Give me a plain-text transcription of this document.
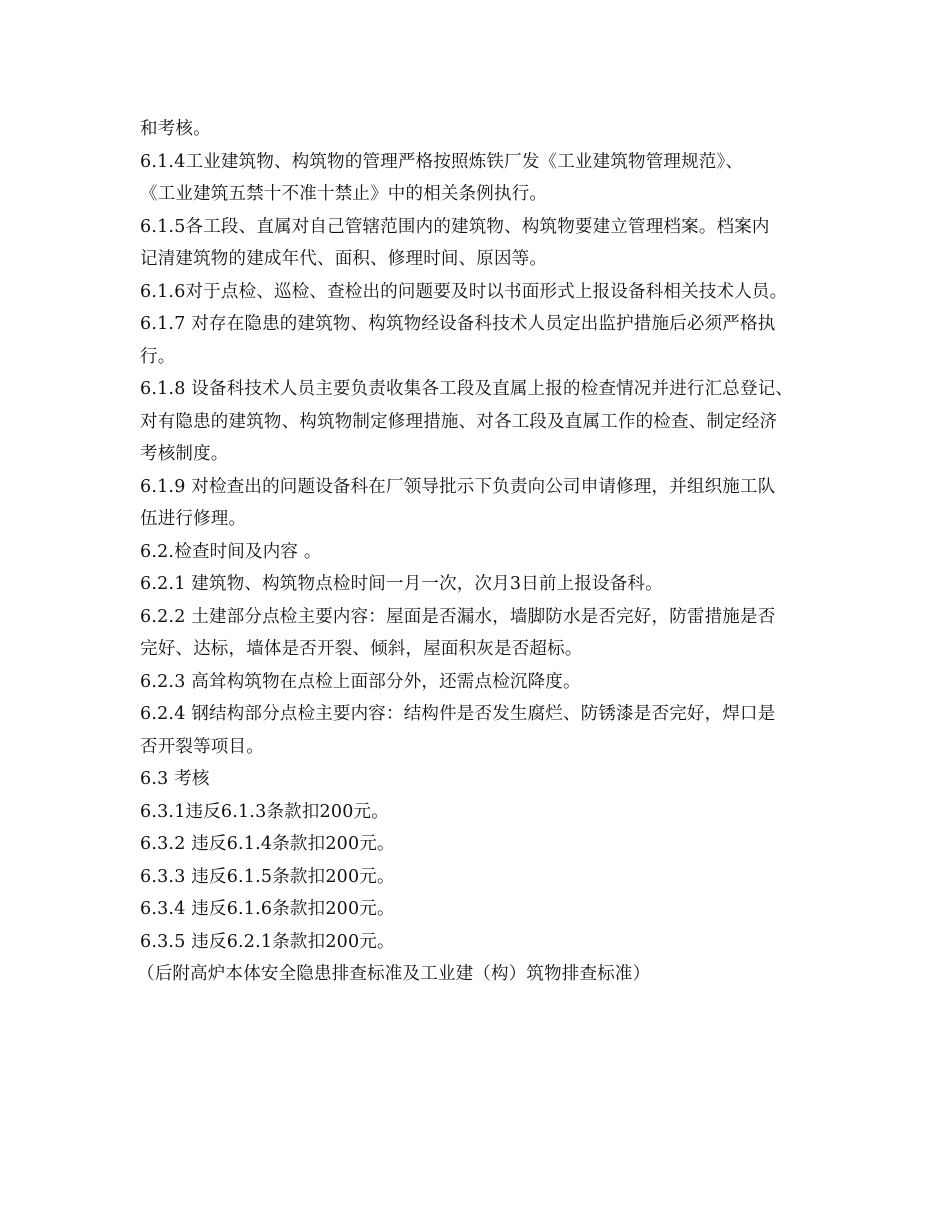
和考核。
6.1.4工业建筑物、构筑物的管理严格按照炼铁厂发《工业建筑物管理规范》、
《工业建筑五禁十不准十禁止》中的相关条例执行。
6.1.5各工段、直属对自己管辖范围内的建筑物、构筑物要建立管理档案。档案内
记清建筑物的建成年代、面积、修理时间、原因等。
6.1.6对于点检、巡检、查检出的问题要及时以书面形式上报设备科相关技术人员。
6.1.7 对存在隐患的建筑物、构筑物经设备科技术人员定出监护措施后必须严格执
行。
6.1.8 设备科技术人员主要负责收集各工段及直属上报的检查情况并进行汇总登记、
对有隐患的建筑物、构筑物制定修理措施、对各工段及直属工作的检查、制定经济
考核制度。
6.1.9 对检查出的问题设备科在厂领导批示下负责向公司申请修理，并组织施工队
伍进行修理。
6.2.检查时间及内容 。
6.2.1 建筑物、构筑物点检时间一月一次，次月3日前上报设备科。
6.2.2 土建部分点检主要内容：屋面是否漏水，墙脚防水是否完好，防雷措施是否
完好、达标，墙体是否开裂、倾斜，屋面积灰是否超标。
6.2.3 高耸构筑物在点检上面部分外，还需点检沉降度。
6.2.4 钢结构部分点检主要内容：结构件是否发生腐烂、防锈漆是否完好，焊口是
否开裂等项目。
6.3 考核
6.3.1违反6.1.3条款扣200元。
6.3.2 违反6.1.4条款扣200元。
6.3.3 违反6.1.5条款扣200元。
6.3.4 违反6.1.6条款扣200元。
6.3.5 违反6.2.1条款扣200元。
（后附高炉本体安全隐患排查标准及工业建（构）筑物排查标准）
